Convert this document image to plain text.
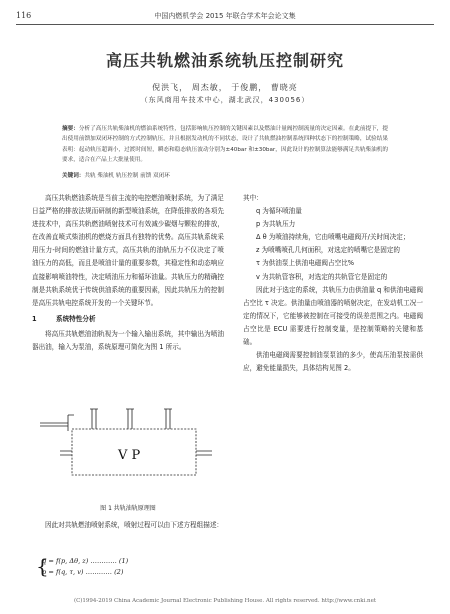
116	中国内燃机学会 2015 年联合学术年会论文集
高压共轨燃油系统轨压控制研究
倪洪飞， 周杰敏， 于俊鹏， 曹晓亮
（东风商用车技术中心，湖北武汉，430056）
摘要：分析了高压共轨柴油机的燃油系统特性，包括影响轨压控制的关键因素以及燃油计量阀控制流量的决定因素。在此前提下，提出使用前馈加双闭环控制的方式控制轨压，并且根据发动机的不同状态，设计了共轨燃油控制系统四种状态下的控制策略，试验结果表明：起动轨压超调小，过渡时间短，瞬态和稳态轨压波动分别为±40bar 和±30bar，因此设计的控制算法能够满足共轨柴油机的要求，适合在产品上大批量使用。
关键词：共轨 柴油机 轨压控制 前馈 双闭环

高压共轨燃油系统是当前主流的电控燃油喷射系统，为了满足日益严格的排放法规而研制的新型喷油系统，在降低排放的各项先进技术中，高压共轨燃油喷射技术可有效减少碳烟与颗粒的排放，在改善直喷式柴油机的燃烧方面具有独特的优势。高压共轨系统采用压力-时间的燃油计量方式，高压共轨的油轨压力不仅决定了喷油压力的高低，而且是喷油计量的重要参数，其稳定性和动态响应直接影响喷油特性，决定喷油压力和循环油量。共轨压力的精确控制是共轨系统优于传统供油系统的重要因素，因此共轨压力的控制是高压共轨电控系统开发的一个关键环节。

1	系统特性分析

将高压共轨燃油油轨视为一个输入输出系统，其中输出为喷油器出油，输入为泵油，系统原理可简化为图 1 所示。

V P
图 1 共轨油轨原理图

因此对共轨燃油喷射系统，喷射过程可以由下述方程组描述：

{
q = f(p, Δθ, z) ………… (1)
p = f(q, τ, v) ………… (2)

其中：

q 为循环喷油量

p 为共轨压力

Δ θ 为喷油持续角，它由喷嘴电磁阀开/关时间决定；

z 为喷嘴喷孔几何面积，对选定的喷嘴它是固定的

τ 为供油泵上供油电磁阀占空比%

v 为共轨管容积，对选定的共轨管它是固定的

因此对于选定的系统，共轨压力由供油量 q 和供油电磁阀占空比 τ 决定。供油量由喷油器的喷射决定，在发动机工况一定的情况下，它能够被控制在可接受的误差范围之内。电磁阀占空比是 ECU 需要进行控制变量，是控制策略的关键和基础。

供油电磁阀需要控制油泵泵油的多少，使高压油泵按需供应，避免能量损失，具体结构见图 2。

(C)1994-2019 China Academic Journal Electronic Publishing House. All rights reserved. http://www.cnki.net
